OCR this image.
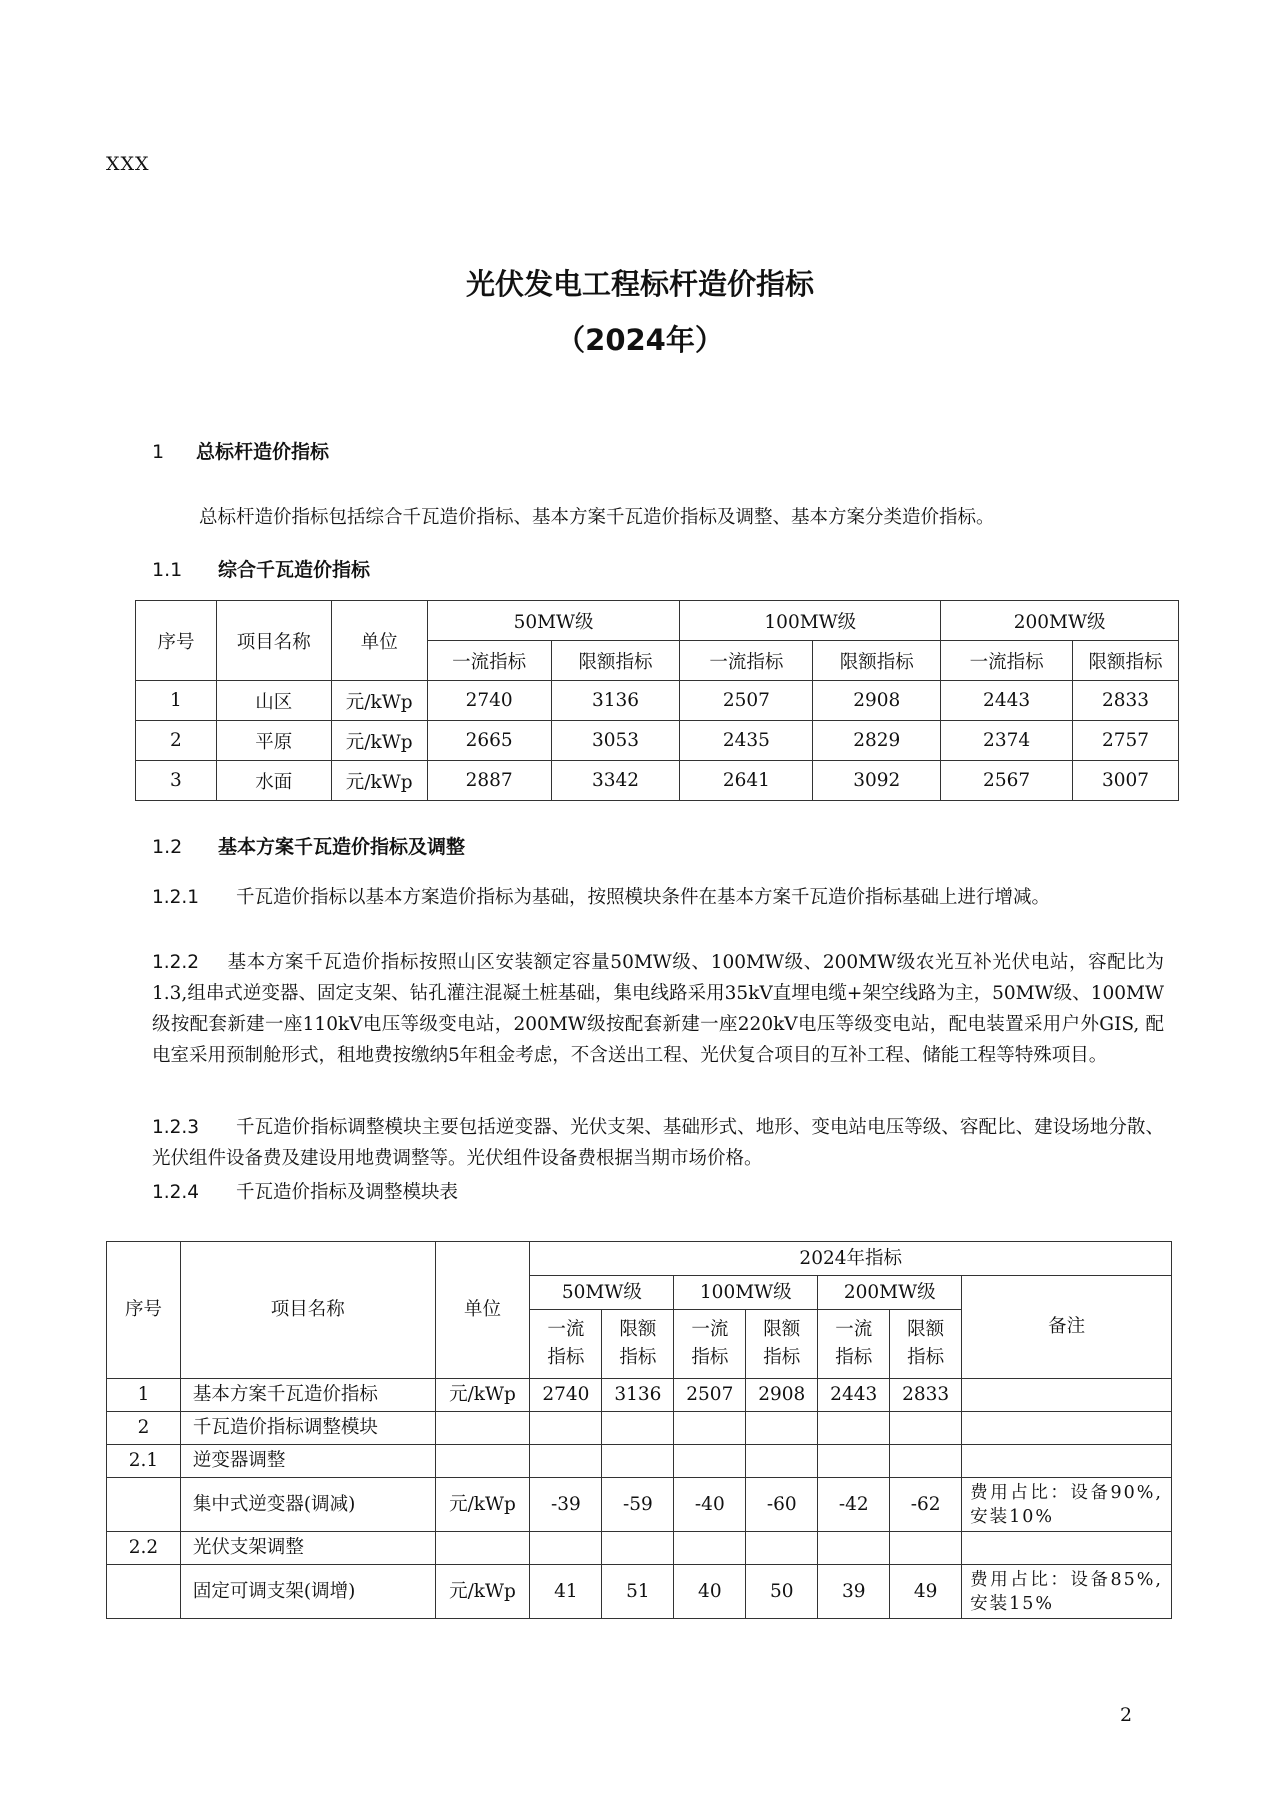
XXX
光伏发电工程标杆造价指标
（2024年）
1 总标杆造价指标
总标杆造价指标包括综合千瓦造价指标、基本方案千瓦造价指标及调整、基本方案分类造价指标。
1.1 综合千瓦造价指标
序号	项目名称	单位	50MW级		100MW级		200MW级	
			一流指标	限额指标	一流指标	限额指标	一流指标	限额指标
1	山区	元/kWp	2740	3136	2507	2908	2443	2833
2	平原	元/kWp	2665	3053	2435	2829	2374	2757
3	水面	元/kWp	2887	3342	2641	3092	2567	3007
1.2 基本方案千瓦造价指标及调整
1.2.1 千瓦造价指标以基本方案造价指标为基础，按照模块条件在基本方案千瓦造价指标基础上进行增减。
1.2.2 基本方案千瓦造价指标按照山区安装额定容量50MW级、100MW级、200MW级农光互补光伏电站，容配比为1.3,组串式逆变器、固定支架、钻孔灌注混凝土桩基础，集电线路采用35kV直埋电缆+架空线路为主，50MW级、100MW级按配套新建一座110kV电压等级变电站，200MW级按配套新建一座220kV电压等级变电站，配电装置采用户外GIS, 配电室采用预制舱形式，租地费按缴纳5年租金考虑，不含送出工程、光伏复合项目的互补工程、储能工程等特殊项目。
1.2.3 千瓦造价指标调整模块主要包括逆变器、光伏支架、基础形式、地形、变电站电压等级、容配比、建设场地分散、光伏组件设备费及建设用地费调整等。光伏组件设备费根据当期市场价格。
1.2.4 千瓦造价指标及调整模块表
序号	项目名称	单位	2024年指标						
			50MW级		100MW级		200MW级		备注
			一流指标	限额指标	一流指标	限额指标	一流指标	限额指标	
1	基本方案千瓦造价指标	元/kWp	2740	3136	2507	2908	2443	2833	
2	千瓦造价指标调整模块								
2.1	逆变器调整								
	集中式逆变器(调减)	元/kWp	-39	-59	-40	-60	-42	-62	费用占比：设备90%,安装10%
2.2	光伏支架调整								
	固定可调支架(调增)	元/kWp	41	51	40	50	39	49	费用占比：设备85%,安装15%
2
